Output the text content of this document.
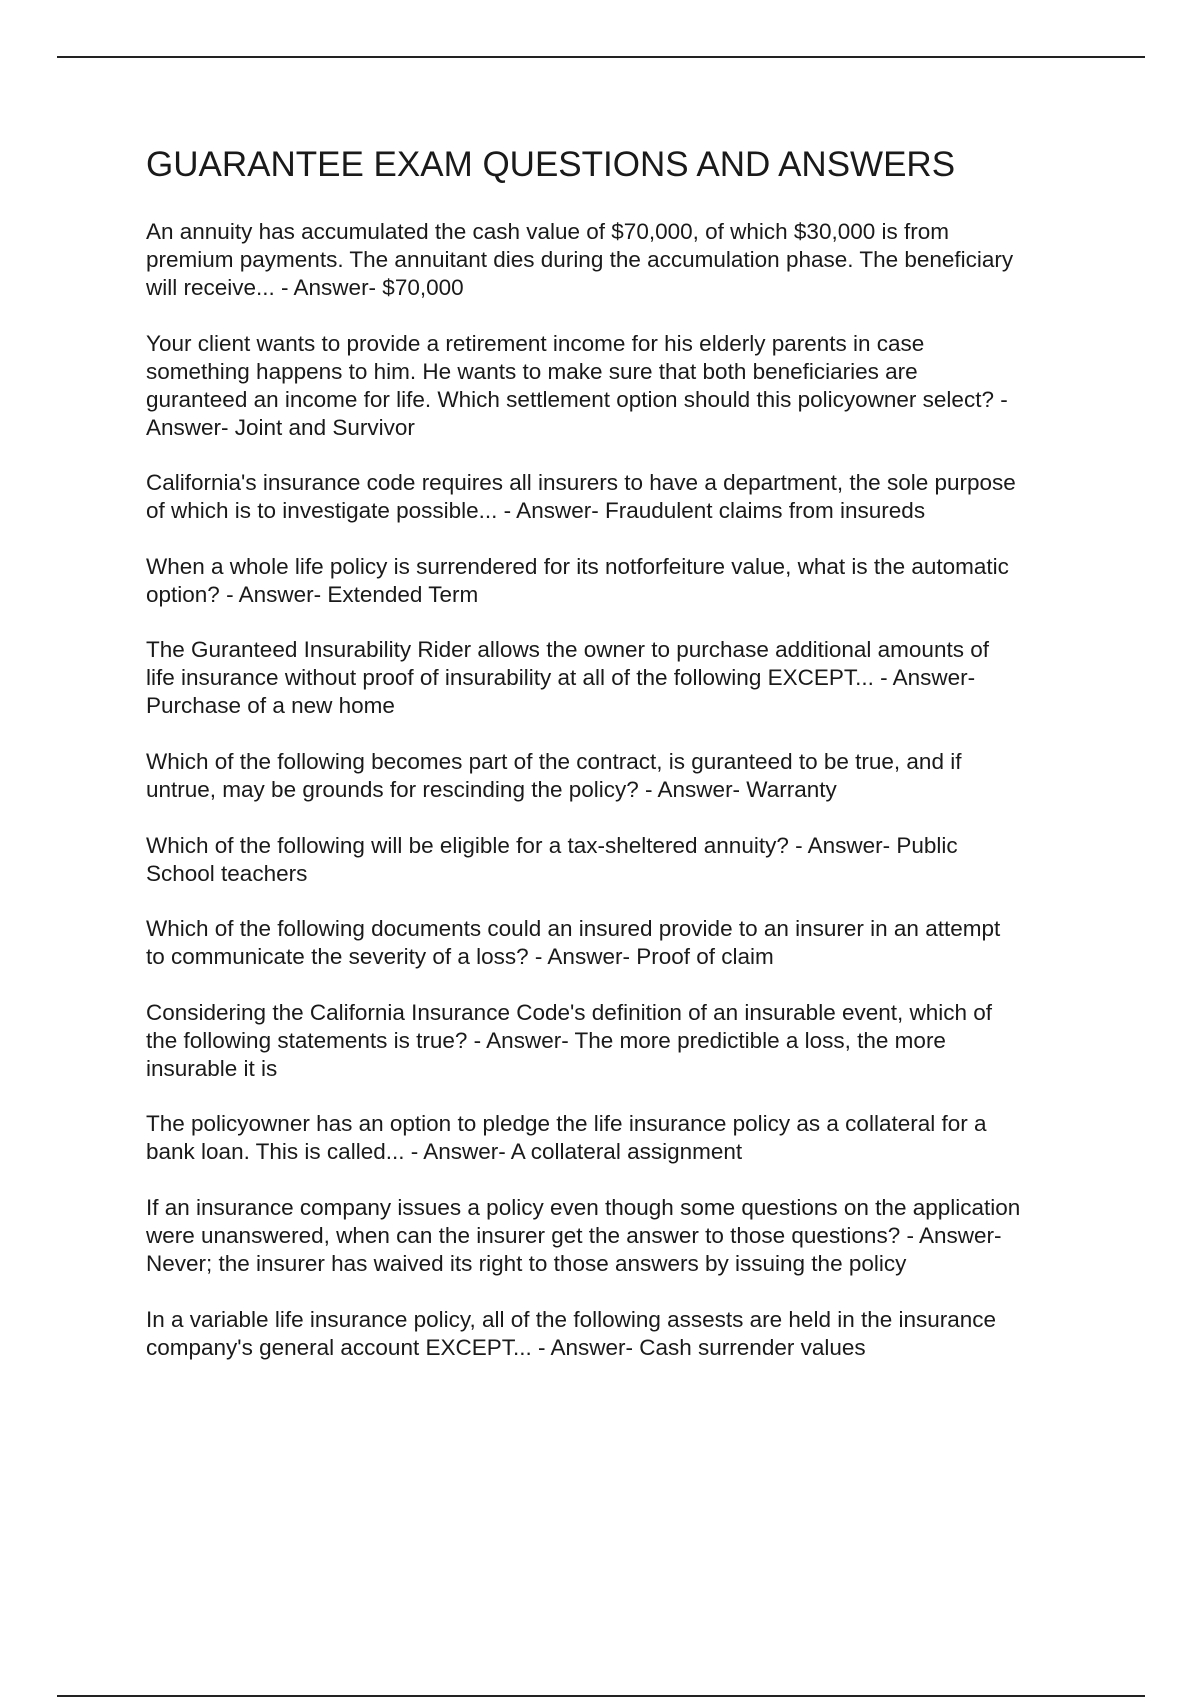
GUARANTEE EXAM QUESTIONS AND ANSWERS
An annuity has accumulated the cash value of $70,000, of which $30,000 is from
premium payments. The annuitant dies during the accumulation phase. The beneficiary
will receive... - Answer- $70,000
Your client wants to provide a retirement income for his elderly parents in case
something happens to him. He wants to make sure that both beneficiaries are
guranteed an income for life. Which settlement option should this policyowner select? -
Answer- Joint and Survivor
California's insurance code requires all insurers to have a department, the sole purpose
of which is to investigate possible... - Answer- Fraudulent claims from insureds
When a whole life policy is surrendered for its notforfeiture value, what is the automatic
option? - Answer- Extended Term
The Guranteed Insurability Rider allows the owner to purchase additional amounts of
life insurance without proof of insurability at all of the following EXCEPT... - Answer-
Purchase of a new home
Which of the following becomes part of the contract, is guranteed to be true, and if
untrue, may be grounds for rescinding the policy? - Answer- Warranty
Which of the following will be eligible for a tax-sheltered annuity? - Answer- Public
School teachers
Which of the following documents could an insured provide to an insurer in an attempt
to communicate the severity of a loss? - Answer- Proof of claim
Considering the California Insurance Code's definition of an insurable event, which of
the following statements is true? - Answer- The more predictible a loss, the more
insurable it is
The policyowner has an option to pledge the life insurance policy as a collateral for a
bank loan. This is called... - Answer- A collateral assignment
If an insurance company issues a policy even though some questions on the application
were unanswered, when can the insurer get the answer to those questions? - Answer-
Never; the insurer has waived its right to those answers by issuing the policy
In a variable life insurance policy, all of the following assests are held in the insurance
company's general account EXCEPT... - Answer- Cash surrender values
